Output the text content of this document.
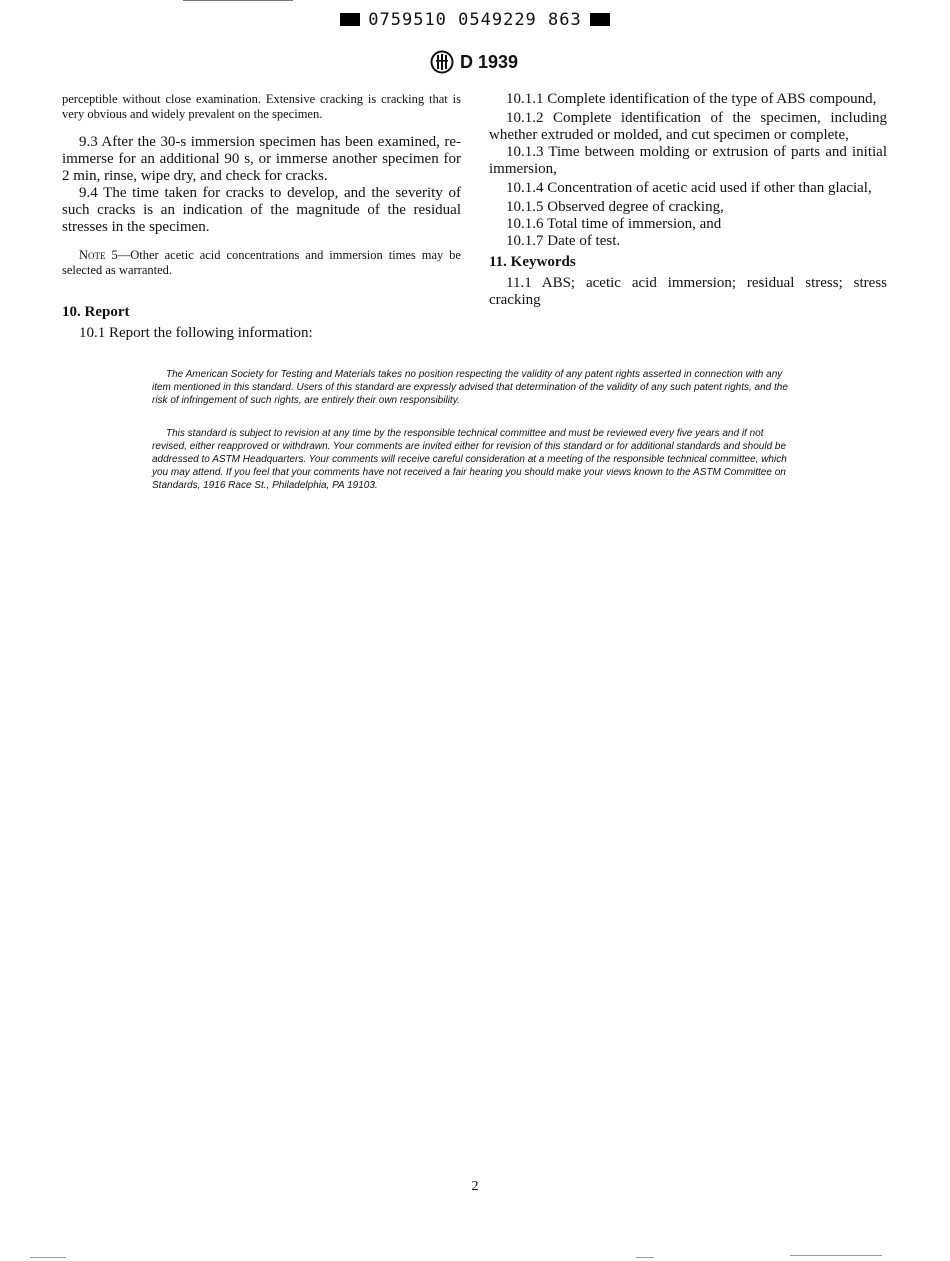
0759510 0549229 863
D 1939

perceptible without close examination. Extensive cracking is cracking that is very obvious and widely prevalent on the specimen.

9.3 After the 30-s immersion specimen has been examined, re-immerse for an additional 90 s, or immerse another specimen for 2 min, rinse, wipe dry, and check for cracks.

9.4 The time taken for cracks to develop, and the severity of such cracks is an indication of the magnitude of the residual stresses in the specimen.

Note 5—Other acetic acid concentrations and immersion times may be selected as warranted.

10. Report

10.1 Report the following information:

10.1.1 Complete identification of the type of ABS compound,

10.1.2 Complete identification of the specimen, including whether extruded or molded, and cut specimen or complete,

10.1.3 Time between molding or extrusion of parts and initial immersion,

10.1.4 Concentration of acetic acid used if other than glacial,

10.1.5 Observed degree of cracking,

10.1.6 Total time of immersion, and

10.1.7 Date of test.

11. Keywords

11.1 ABS; acetic acid immersion; residual stress; stress cracking

The American Society for Testing and Materials takes no position respecting the validity of any patent rights asserted in connection with any item mentioned in this standard. Users of this standard are expressly advised that determination of the validity of any such patent rights, and the risk of infringement of such rights, are entirely their own responsibility.

This standard is subject to revision at any time by the responsible technical committee and must be reviewed every five years and if not revised, either reapproved or withdrawn. Your comments are invited either for revision of this standard or for additional standards and should be addressed to ASTM Headquarters. Your comments will receive careful consideration at a meeting of the responsible technical committee, which you may attend. If you feel that your comments have not received a fair hearing you should make your views known to the ASTM Committee on Standards, 1916 Race St., Philadelphia, PA 19103.

2
